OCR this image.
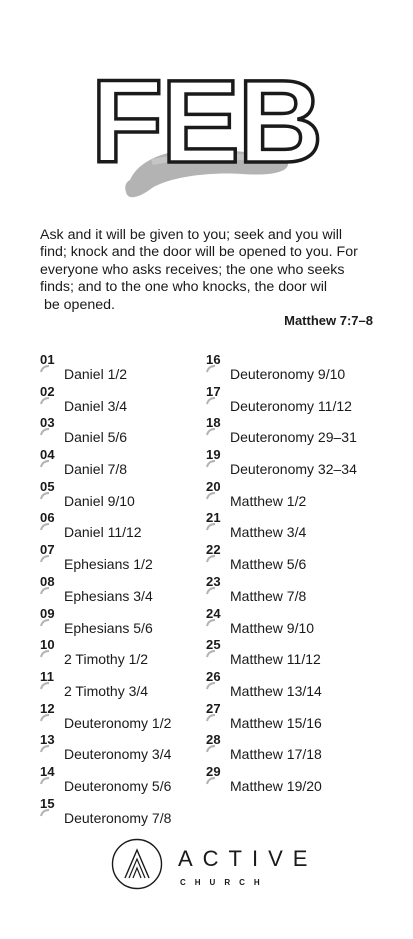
FEB

Ask and it will be given to you; seek and you will
find; knock and the door will be opened to you. For
everyone who asks receives; the one who seeks
finds; and to the one who knocks, the door wil
be opened.

Matthew 7:7–8

01
Daniel 1/2
02
Daniel 3/4
03
Daniel 5/6
04
Daniel 7/8
05
Daniel 9/10
06
Daniel 11/12
07
Ephesians 1/2
08
Ephesians 3/4
09
Ephesians 5/6
10
2 Timothy 1/2
11
2 Timothy 3/4
12
Deuteronomy 1/2
13
Deuteronomy 3/4
14
Deuteronomy 5/6
15
Deuteronomy 7/8
16
Deuteronomy 9/10
17
Deuteronomy 11/12
18
Deuteronomy 29–31
19
Deuteronomy 32–34
20
Matthew 1/2
21
Matthew 3/4
22
Matthew 5/6
23
Matthew 7/8
24
Matthew 9/10
25
Matthew 11/12
26
Matthew 13/14
27
Matthew 15/16
28
Matthew 17/18
29
Matthew 19/20
ACTIVE
CHURCH
